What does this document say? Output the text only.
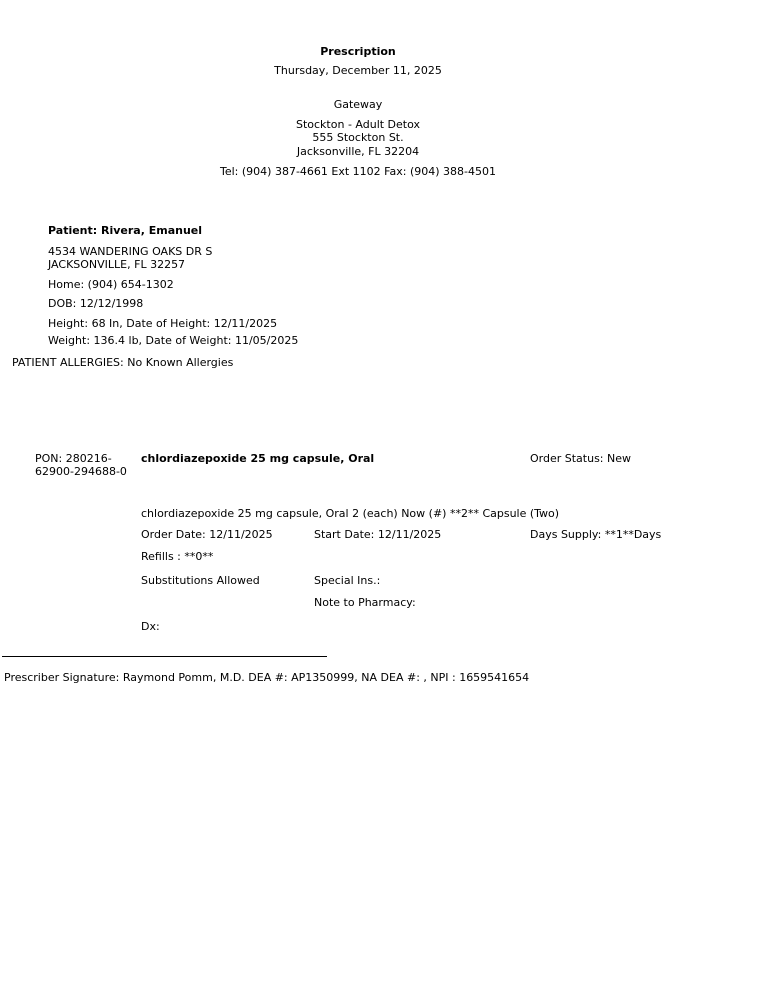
Prescription
Thursday, December 11, 2025
Gateway
Stockton - Adult Detox
555 Stockton St.
Jacksonville, FL 32204
Tel: (904) 387-4661 Ext 1102 Fax: (904) 388-4501
Patient: Rivera, Emanuel
4534 WANDERING OAKS DR S
JACKSONVILLE, FL 32257
Home: (904) 654-1302
DOB: 12/12/1998
Height: 68 In, Date of Height: 12/11/2025
Weight: 136.4 lb, Date of Weight: 11/05/2025
PATIENT ALLERGIES: No Known Allergies
PON: 280216-
62900-294688-0
chlordiazepoxide 25 mg capsule, Oral	Order Status: New
chlordiazepoxide 25 mg capsule, Oral 2 (each) Now (#) **2** Capsule (Two)
Order Date: 12/11/2025	Start Date: 12/11/2025	Days Supply: **1**Days
Refills : **0**
Substitutions Allowed	Special Ins.:
Note to Pharmacy:
Dx:
Prescriber Signature: Raymond Pomm, M.D. DEA #: AP1350999, NA DEA #: , NPI : 1659541654
